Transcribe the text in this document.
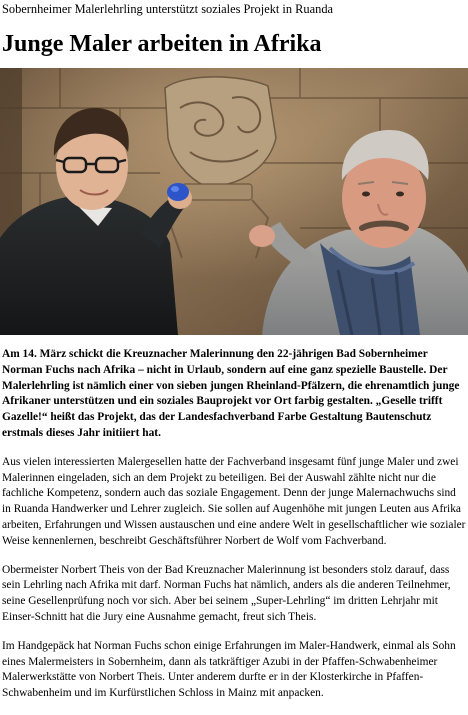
Sobernheimer Malerlehrling unterstützt soziales Projekt in Ruanda
Junge Maler arbeiten in Afrika

Am 14. März schickt die Kreuznacher Malerinnung den 22-jährigen Bad Sobernheimer Norman Fuchs nach Afrika – nicht in Urlaub, sondern auf eine ganz spezielle Baustelle. Der Malerlehrling ist nämlich einer von sieben jungen Rheinland-Pfälzern, die ehrenamtlich junge Afrikaner unterstützen und ein soziales Bauprojekt vor Ort farbig gestalten. „Geselle trifft Gazelle!“ heißt das Projekt, das der Landesfachverband Farbe Gestaltung Bautenschutz erstmals dieses Jahr initiiert hat.

Aus vielen interessierten Malergesellen hatte der Fachverband insgesamt fünf junge Maler und zwei Malerinnen eingeladen, sich an dem Projekt zu beteiligen. Bei der Auswahl zählte nicht nur die fachliche Kompetenz, sondern auch das soziale Engagement. Denn der junge Malernachwuchs sind in Ruanda Handwerker und Lehrer zugleich. Sie sollen auf Augenhöhe mit jungen Leuten aus Afrika arbeiten, Erfahrungen und Wissen austauschen und eine andere Welt in gesellschaftlicher wie sozialer Weise kennenlernen, beschreibt Geschäftsführer Norbert de Wolf vom Fachverband.

Obermeister Norbert Theis von der Bad Kreuznacher Malerinnung ist besonders stolz darauf, dass sein Lehrling nach Afrika mit darf. Norman Fuchs hat nämlich, anders als die anderen Teilnehmer, seine Gesellenprüfung noch vor sich. Aber bei seinem „Super-Lehrling“ im dritten Lehrjahr mit Einser-Schnitt hat die Jury eine Ausnahme gemacht, freut sich Theis.

Im Handgepäck hat Norman Fuchs schon einige Erfahrungen im Maler-Handwerk, einmal als Sohn eines Malermeisters in Sobernheim, dann als tatkräftiger Azubi in der Pfaffen-Schwabenheimer Malerwerkstätte von Norbert Theis. Unter anderem durfte er in der Klosterkirche in Pfaffen-Schwabenheim und im Kurfürstlichen Schloss in Mainz mit anpacken.
